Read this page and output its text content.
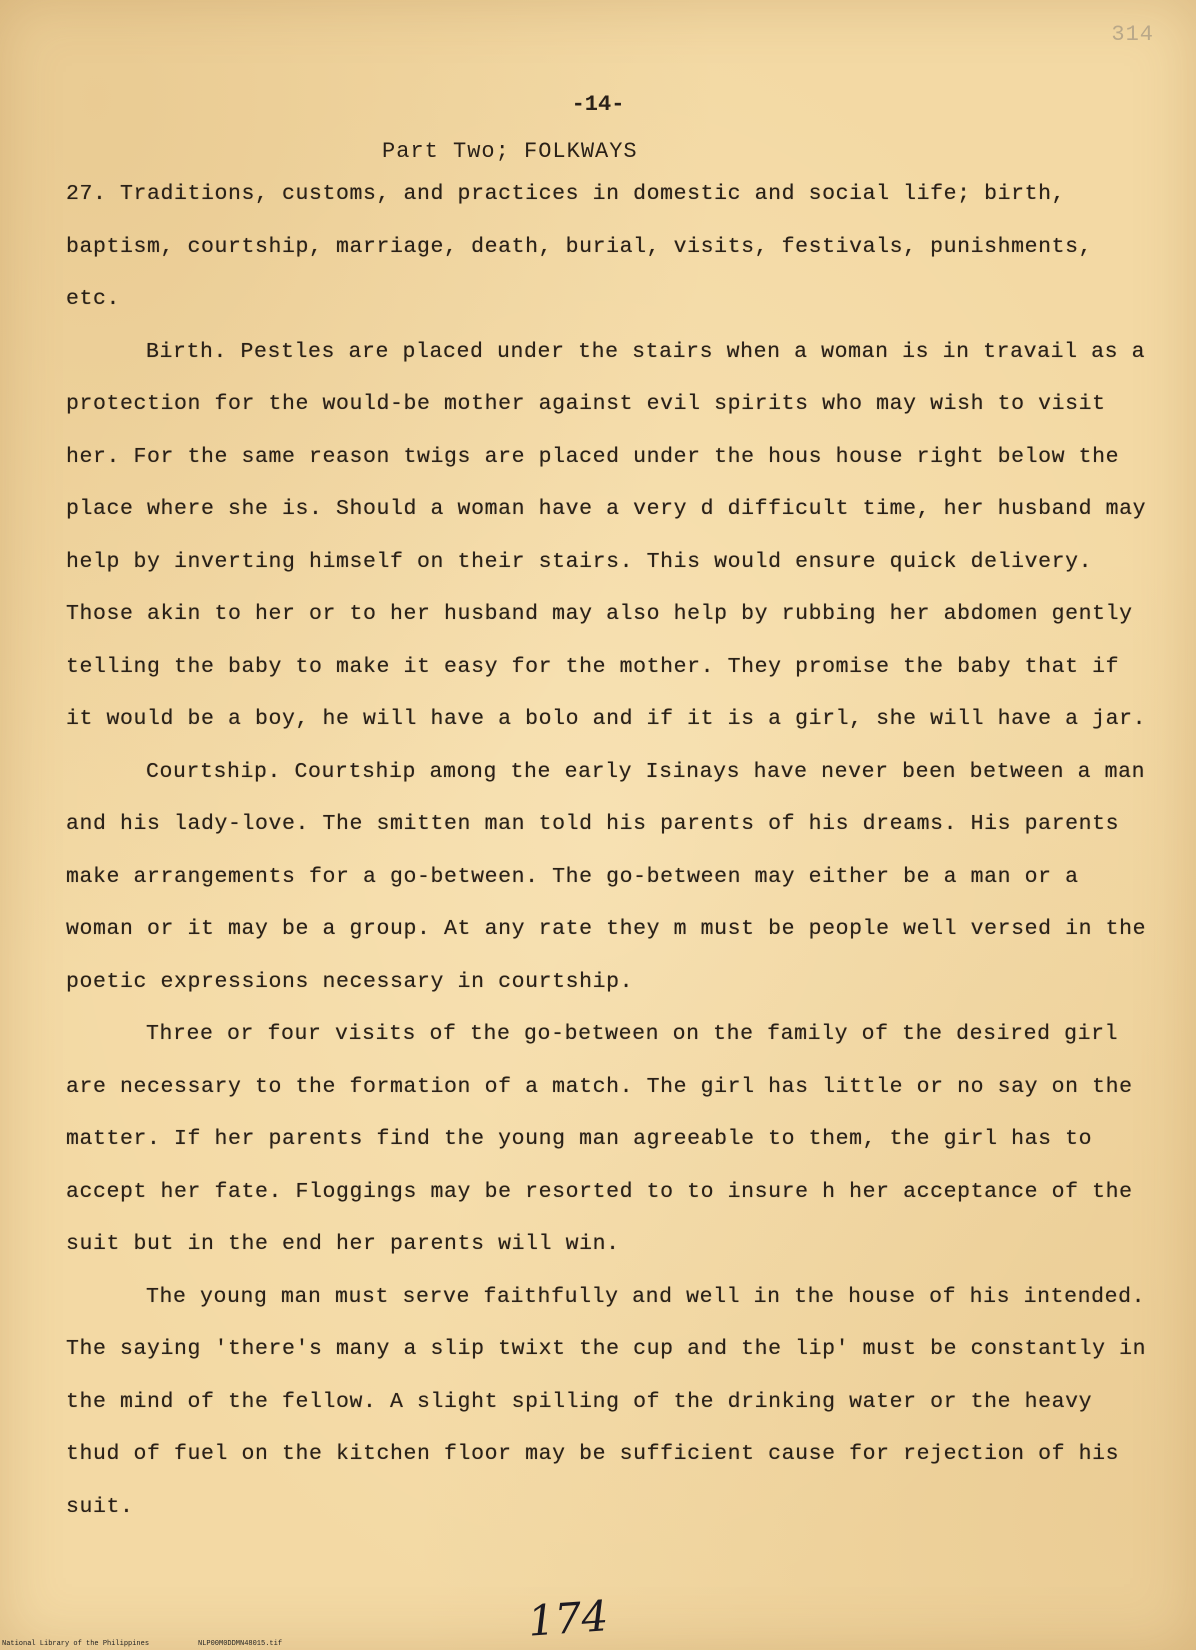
314
-14-
Part Two; FOLKWAYS

27. Traditions, customs, and practices in domestic and social life; birth, baptism, courtship, marriage, death, burial, visits, festivals, punishments, etc.

Birth. Pestles are placed under the stairs when a woman is in travail as a protection for the would-be mother against evil spirits who may wish to visit her. For the same reason twigs are placed under the hous house right below the place where she is. Should a woman have a very d difficult time, her husband may help by inverting himself on their stairs. This would ensure quick delivery. Those akin to her or to her husband may also help by rubbing her abdomen gently telling the baby to make it easy for the mother. They promise the baby that if it would be a boy, he will have a bolo and if it is a girl, she will have a jar.

Courtship. Courtship among the early Isinays have never been between a man and his lady-love. The smitten man told his parents of his dreams. His parents make arrangements for a go-between. The go-between may either be a man or a woman or it may be a group. At any rate they m must be people well versed in the poetic expressions necessary in courtship.

Three or four visits of the go-between on the family of the desired girl are necessary to the formation of a match. The girl has little or no say on the matter. If her parents find the young man agreeable to them, the girl has to accept her fate. Floggings may be resorted to to insure h her acceptance of the suit but in the end her parents will win.

The young man must serve faithfully and well in the house of his intended. The saying 'there's many a slip twixt the cup and the lip' must be constantly in the mind of the fellow. A slight spilling of the drinking water or the heavy thud of fuel on the kitchen floor may be sufficient cause for rejection of his suit.

174
National Library of the Philippines	NLP00M0DDMN48015.tif
